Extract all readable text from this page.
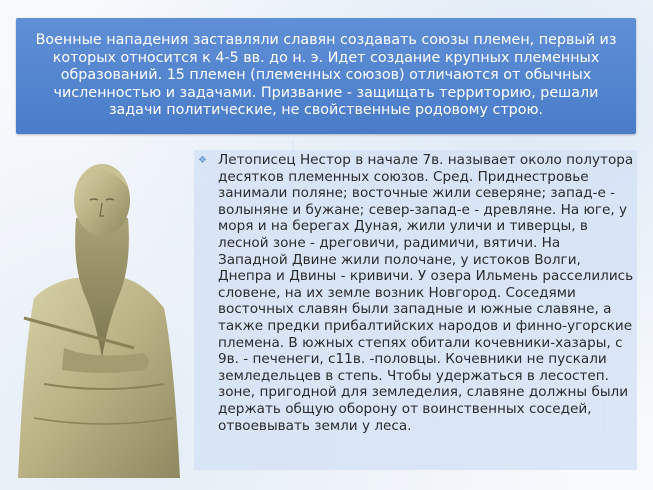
Военные нападения заставляли славян создавать союзы племен, первый из которых относится к 4-5 вв. до н. э. Идет создание крупных племенных образований. 15 племен (племенных союзов) отличаются от обычных численностью и задачами. Призвание - защищать территорию, решали задачи политические, не свойственные родовому строю.

❖ Летописец Нестор в начале 7в. называет около полутора десятков племенных союзов. Сред. Приднестровье занимали поляне; восточные жили северяне; запад-е - волыняне и бужане; север-запад-е - древляне. На юге, у моря и на берегах Дуная, жили уличи и тиверцы, в лесной зоне - дреговичи, радимичи, вятичи. На Западной Двине жили полочане, у истоков Волги, Днепра и Двины - кривичи. У озера Ильмень расселились словене, на их земле возник Новгород. Соседями восточных славян были западные и южные славяне, а также предки прибалтийских народов и финно-угорские племена. В южных степях обитали кочевники-хазары, с 9в. - печенеги, с11в. -половцы. Кочевники не пускали земледельцев в степь. Чтобы удержаться в лесостеп. зоне, пригодной для земледелия, славяне должны были держать общую оборону от воинственных соседей, отвоевывать земли у леса.
